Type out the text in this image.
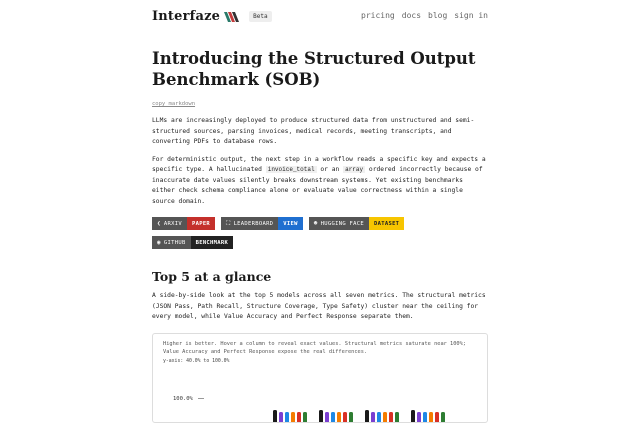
Interfaze	Beta	pricing docs blog sign in
Introducing the Structured Output Benchmark (SOB)
copy markdown

LLMs are increasingly deployed to produce structured data from unstructured and semi-structured sources, parsing invoices, medical records, meeting transcripts, and converting PDFs to database rows.

For deterministic output, the next step in a workflow reads a specific key and expects a specific type. A hallucinated invoice_total or an array ordered incorrectly because of inaccurate date values silently breaks downstream systems. Yet existing benchmarks either check schema compliance alone or evaluate value correctness within a single source domain.

❮ ARXIV	PAPER	⛶ LEADERBOARD	VIEW	☻ HUGGING FACE	DATASET
◉ GITHUB	BENCHMARK
Top 5 at a glance

A side-by-side look at the top 5 models across all seven metrics. The structural metrics (JSON Pass, Path Recall, Structure Coverage, Type Safety) cluster near the ceiling for every model, while Value Accuracy and Perfect Response separate them.

Higher is better. Hover a column to reveal exact values. Structural metrics saturate near 100%; Value Accuracy and Perfect Response expose the real differences.

y-axis: 40.0% to 100.0%
100.0%
